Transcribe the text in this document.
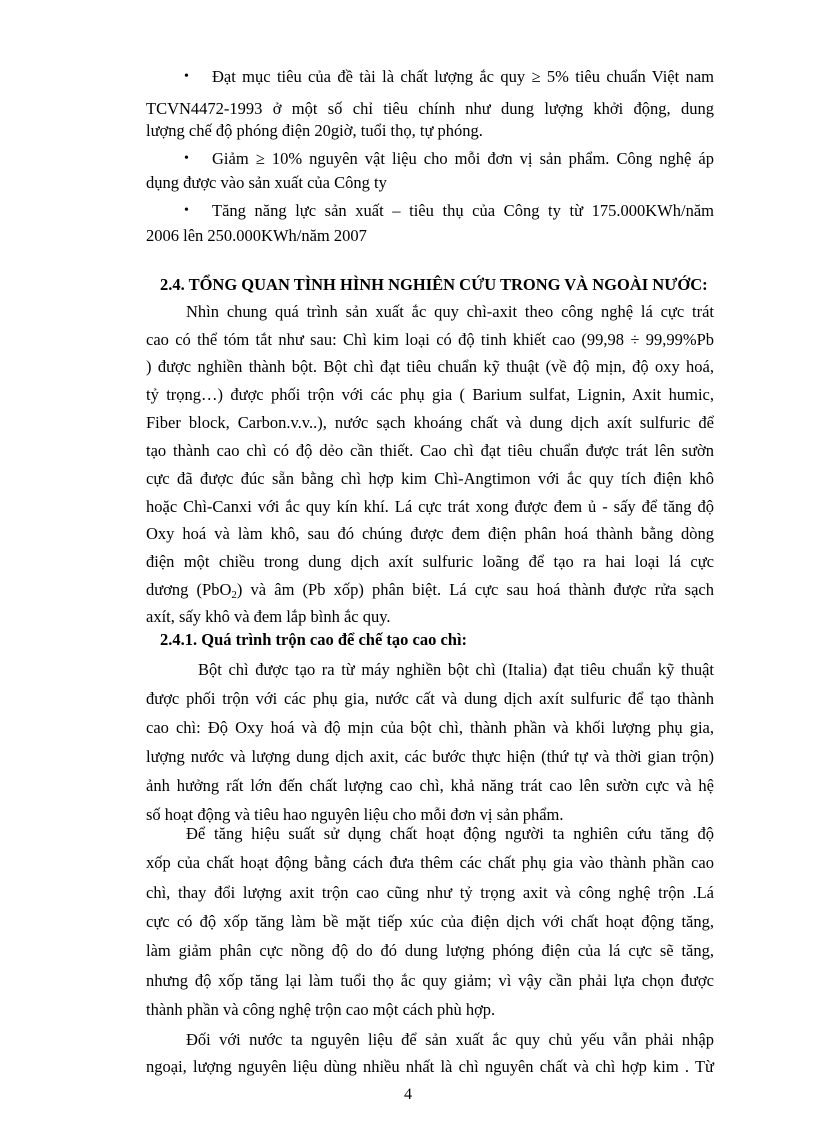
• Đạt mục tiêu của đề tài là chất lượng ắc quy ≥ 5% tiêu chuẩn Việt nam
TCVN4472-1993 ở một số chỉ tiêu chính như dung lượng khởi động, dung
lượng chế độ phóng điện 20giờ, tuổi thọ, tự phóng.
• Giảm ≥ 10% nguyên vật liệu cho mỗi đơn vị sản phẩm. Công nghệ áp
dụng được vào sản xuất của Công ty
• Tăng năng lực sản xuất – tiêu thụ của Công ty từ 175.000KWh/năm
2006 lên 250.000KWh/năm 2007
2.4. TỔNG QUAN TÌNH HÌNH NGHIÊN CỨU TRONG VÀ NGOÀI NƯỚC:
Nhìn chung quá trình sản xuất ắc quy chì-axit theo công nghệ lá cực trát
cao có thể tóm tắt như sau: Chì kim loại có độ tinh khiết cao (99,98 ÷ 99,99%Pb
) được nghiền thành bột. Bột chì đạt tiêu chuẩn kỹ thuật (về độ mịn, độ oxy hoá,
tỷ trọng…) được phối trộn với các phụ gia ( Barium sulfat, Lignin, Axit humic,
Fiber block, Carbon.v.v..), nước sạch khoáng chất và dung dịch axít sulfuric để
tạo thành cao chì có độ dẻo cần thiết. Cao chì đạt tiêu chuẩn được trát lên sườn
cực đã được đúc sẵn bằng chì hợp kim Chì-Angtimon với ắc quy tích điện khô
hoặc Chì-Canxi với ắc quy kín khí. Lá cực trát xong được đem ủ - sấy để tăng độ
Oxy hoá và làm khô, sau đó chúng được đem điện phân hoá thành bằng dòng
điện một chiều trong dung dịch axít sulfuric loãng để tạo ra hai loại lá cực
dương (PbO$_2$) và âm (Pb xốp) phân biệt. Lá cực sau hoá thành được rửa sạch
axít, sấy khô và đem lắp bình ắc quy.
2.4.1. Quá trình trộn cao để chế tạo cao chì:
Bột chì được tạo ra từ máy nghiền bột chì (Italia) đạt tiêu chuẩn kỹ thuật
được phối trộn với các phụ gia, nước cất và dung dịch axít sulfuric để tạo thành
cao chì: Độ Oxy hoá và độ mịn của bột chì, thành phần và khối lượng phụ gia,
lượng nước và lượng dung dịch axit, các bước thực hiện (thứ tự và thời gian trộn)
ảnh hưởng rất lớn đến chất lượng cao chì, khả năng trát cao lên sườn cực và hệ
số hoạt động và tiêu hao nguyên liệu cho mỗi đơn vị sản phẩm.
Để tăng hiệu suất sử dụng chất hoạt động người ta nghiên cứu tăng độ
xốp của chất hoạt động bằng cách đưa thêm các chất phụ gia vào thành phần cao
chì, thay đổi lượng axit trộn cao cũng như tỷ trọng axit và công nghệ trộn .Lá
cực có độ xốp tăng làm bề mặt tiếp xúc của điện dịch với chất hoạt động tăng,
làm giảm phân cực nồng độ do đó dung lượng phóng điện của lá cực sẽ tăng,
nhưng độ xốp tăng lại làm tuổi thọ ắc quy giảm; vì vậy cần phải lựa chọn được
thành phần và công nghệ trộn cao một cách phù hợp.
4
Đối với nước ta nguyên liệu để sản xuất ắc quy chủ yếu vẫn phải nhập
ngoại, lượng nguyên liệu dùng nhiều nhất là chì nguyên chất và chì hợp kim . Từ
